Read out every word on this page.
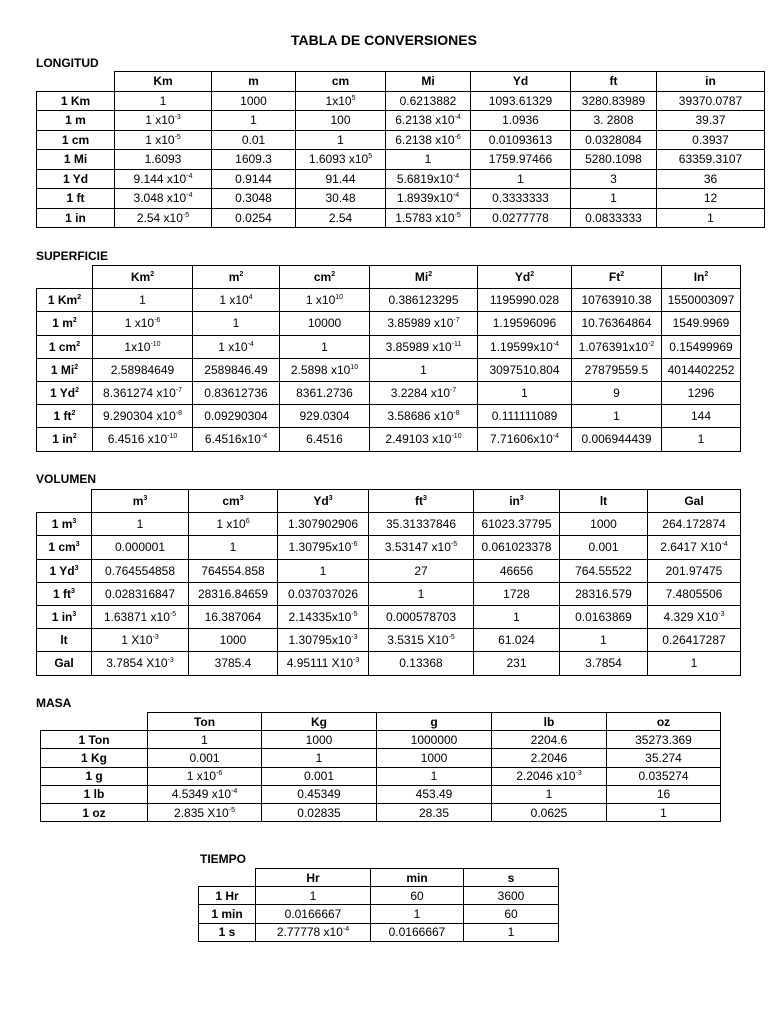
TABLA DE CONVERSIONES
LONGITUD
	Km	m	cm	Mi	Yd	ft	in
1 Km	1	1000	$1x10^5$	0.6213882	1093.61329	3280.83989	39370.0787
1 m	1 $x10^{-3}$	1	100	6.2138 $x10^{-4}$	1.0936	3. 2808	39.37
1 cm	1 $x10^{-5}$	0.01	1	6.2138 $x10^{-6}$	0.01093613	0.0328084	0.3937
1 Mi	1.6093	1609.3	1.6093 $x10^5$	1	1759.97466	5280.1098	63359.3107
1 Yd	9.144 $x10^{-4}$	0.9144	91.44	$5.6819x10^{-4}$	1	3	36
1 ft	3.048 $x10^{-4}$	0.3048	30.48	$1.8939x10^{-4}$	0.3333333	1	12
1 in	2.54 $x10^{-5}$	0.0254	2.54	1.5783 $x10^{-5}$	0.0277778	0.0833333	1
SUPERFICIE
	Km$^2$	$m^2$	$cm^2$	Mi$^2$	Yd$^2$	Ft$^2$	In$^2$
1 Km$^2$	1	1 $x10^4$	1 $x10^{10}$	0.386123295	1195990.028	10763910.38	1550003097
1 $m^2$	1 $x10^{-6}$	1	10000	3.85989 $x10^{-7}$	1.19596096	10.76364864	1549.9969
1 $cm^2$	$1x10^{-10}$	1 $x10^{-4}$	1	3.85989 $x10^{-11}$	$1.19599x10^{-4}$	$1.076391x10^{-2}$	0.15499969
1 Mi$^2$	2.58984649	2589846.49	2.5898 $x10^{10}$	1	3097510.804	27879559.5	4014402252
1 Yd$^2$	8.361274 $x10^{-7}$	0.83612736	8361.2736	3.2284 $x10^{-7}$	1	9	1296
1 $ft^2$	9.290304 $x10^{-8}$	0.09290304	929.0304	3.58686 $x10^{-8}$	0.111111089	1	144
1 $in^2$	6.4516 $x10^{-10}$	$6.4516x10^{-4}$	6.4516	2.49103 $x10^{-10}$	$7.71606x10^{-4}$	0.006944439	1
VOLUMEN
	$m^3$	$cm^3$	Yd$^3$	$ft^3$	$in^3$	lt	Gal
1 $m^3$	1	1 $x10^6$	1.307902906	35.31337846	61023.37795	1000	264.172874
1 $cm^3$	0.000001	1	$1.30795x10^{-6}$	3.53147 $x10^{-5}$	0.061023378	0.001	2.6417 $X10^{-4}$
1 Yd$^3$	0.764554858	764554.858	1	27	46656	764.55522	201.97475
1 $ft^3$	0.028316847	28316.84659	0.037037026	1	1728	28316.579	7.4805506
1 $in^3$	1.63871 $x10^{-5}$	16.387064	$2.14335x10^{-5}$	0.000578703	1	0.0163869	4.329 $X10^{-3}$
lt	1 $X10^{-3}$	1000	$1.30795x10^{-3}$	3.5315 $X10^{-5}$	61.024	1	0.26417287
Gal	3.7854 $X10^{-3}$	3785.4	4.95111 $X10^{-3}$	0.13368	231	3.7854	1
MASA
	Ton	Kg	g	lb	oz
1 Ton	1	1000	1000000	2204.6	35273.369
1 Kg	0.001	1	1000	2.2046	35.274
1 g	1 $x10^{-6}$	0.001	1	2.2046 $x10^{-3}$	0.035274
1 lb	4.5349 $x10^{-4}$	0.45349	453.49	1	16
1 oz	2.835 $X10^{-5}$	0.02835	28.35	0.0625	1
TIEMPO
	Hr	min	s
1 Hr	1	60	3600
1 min	0.0166667	1	60
1 s	2.77778 $x10^{-4}$	0.0166667	1
